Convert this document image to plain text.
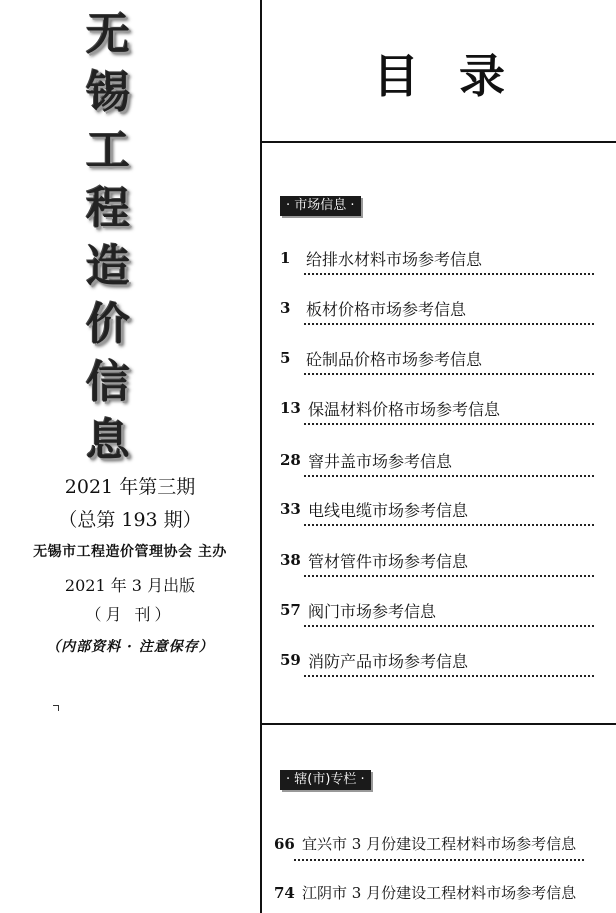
无
锡
工
程
造
价
信
息
2021 年第三期
（总第 193 期）
无锡市工程造价管理协会 主办
2021 年 3 月出版
（月 刊）
（内部资料 · 注意保存）
目录
· 市场信息 ·
1 给排水材料市场参考信息
3 板材价格市场参考信息
5 砼制品价格市场参考信息
13 保温材料价格市场参考信息
28 窨井盖市场参考信息
33 电线电缆市场参考信息
38 管材管件市场参考信息
57 阀门市场参考信息
59 消防产品市场参考信息
· 辖(市)专栏 ·
66 宜兴市 3 月份建设工程材料市场参考信息
74 江阴市 3 月份建设工程材料市场参考信息
